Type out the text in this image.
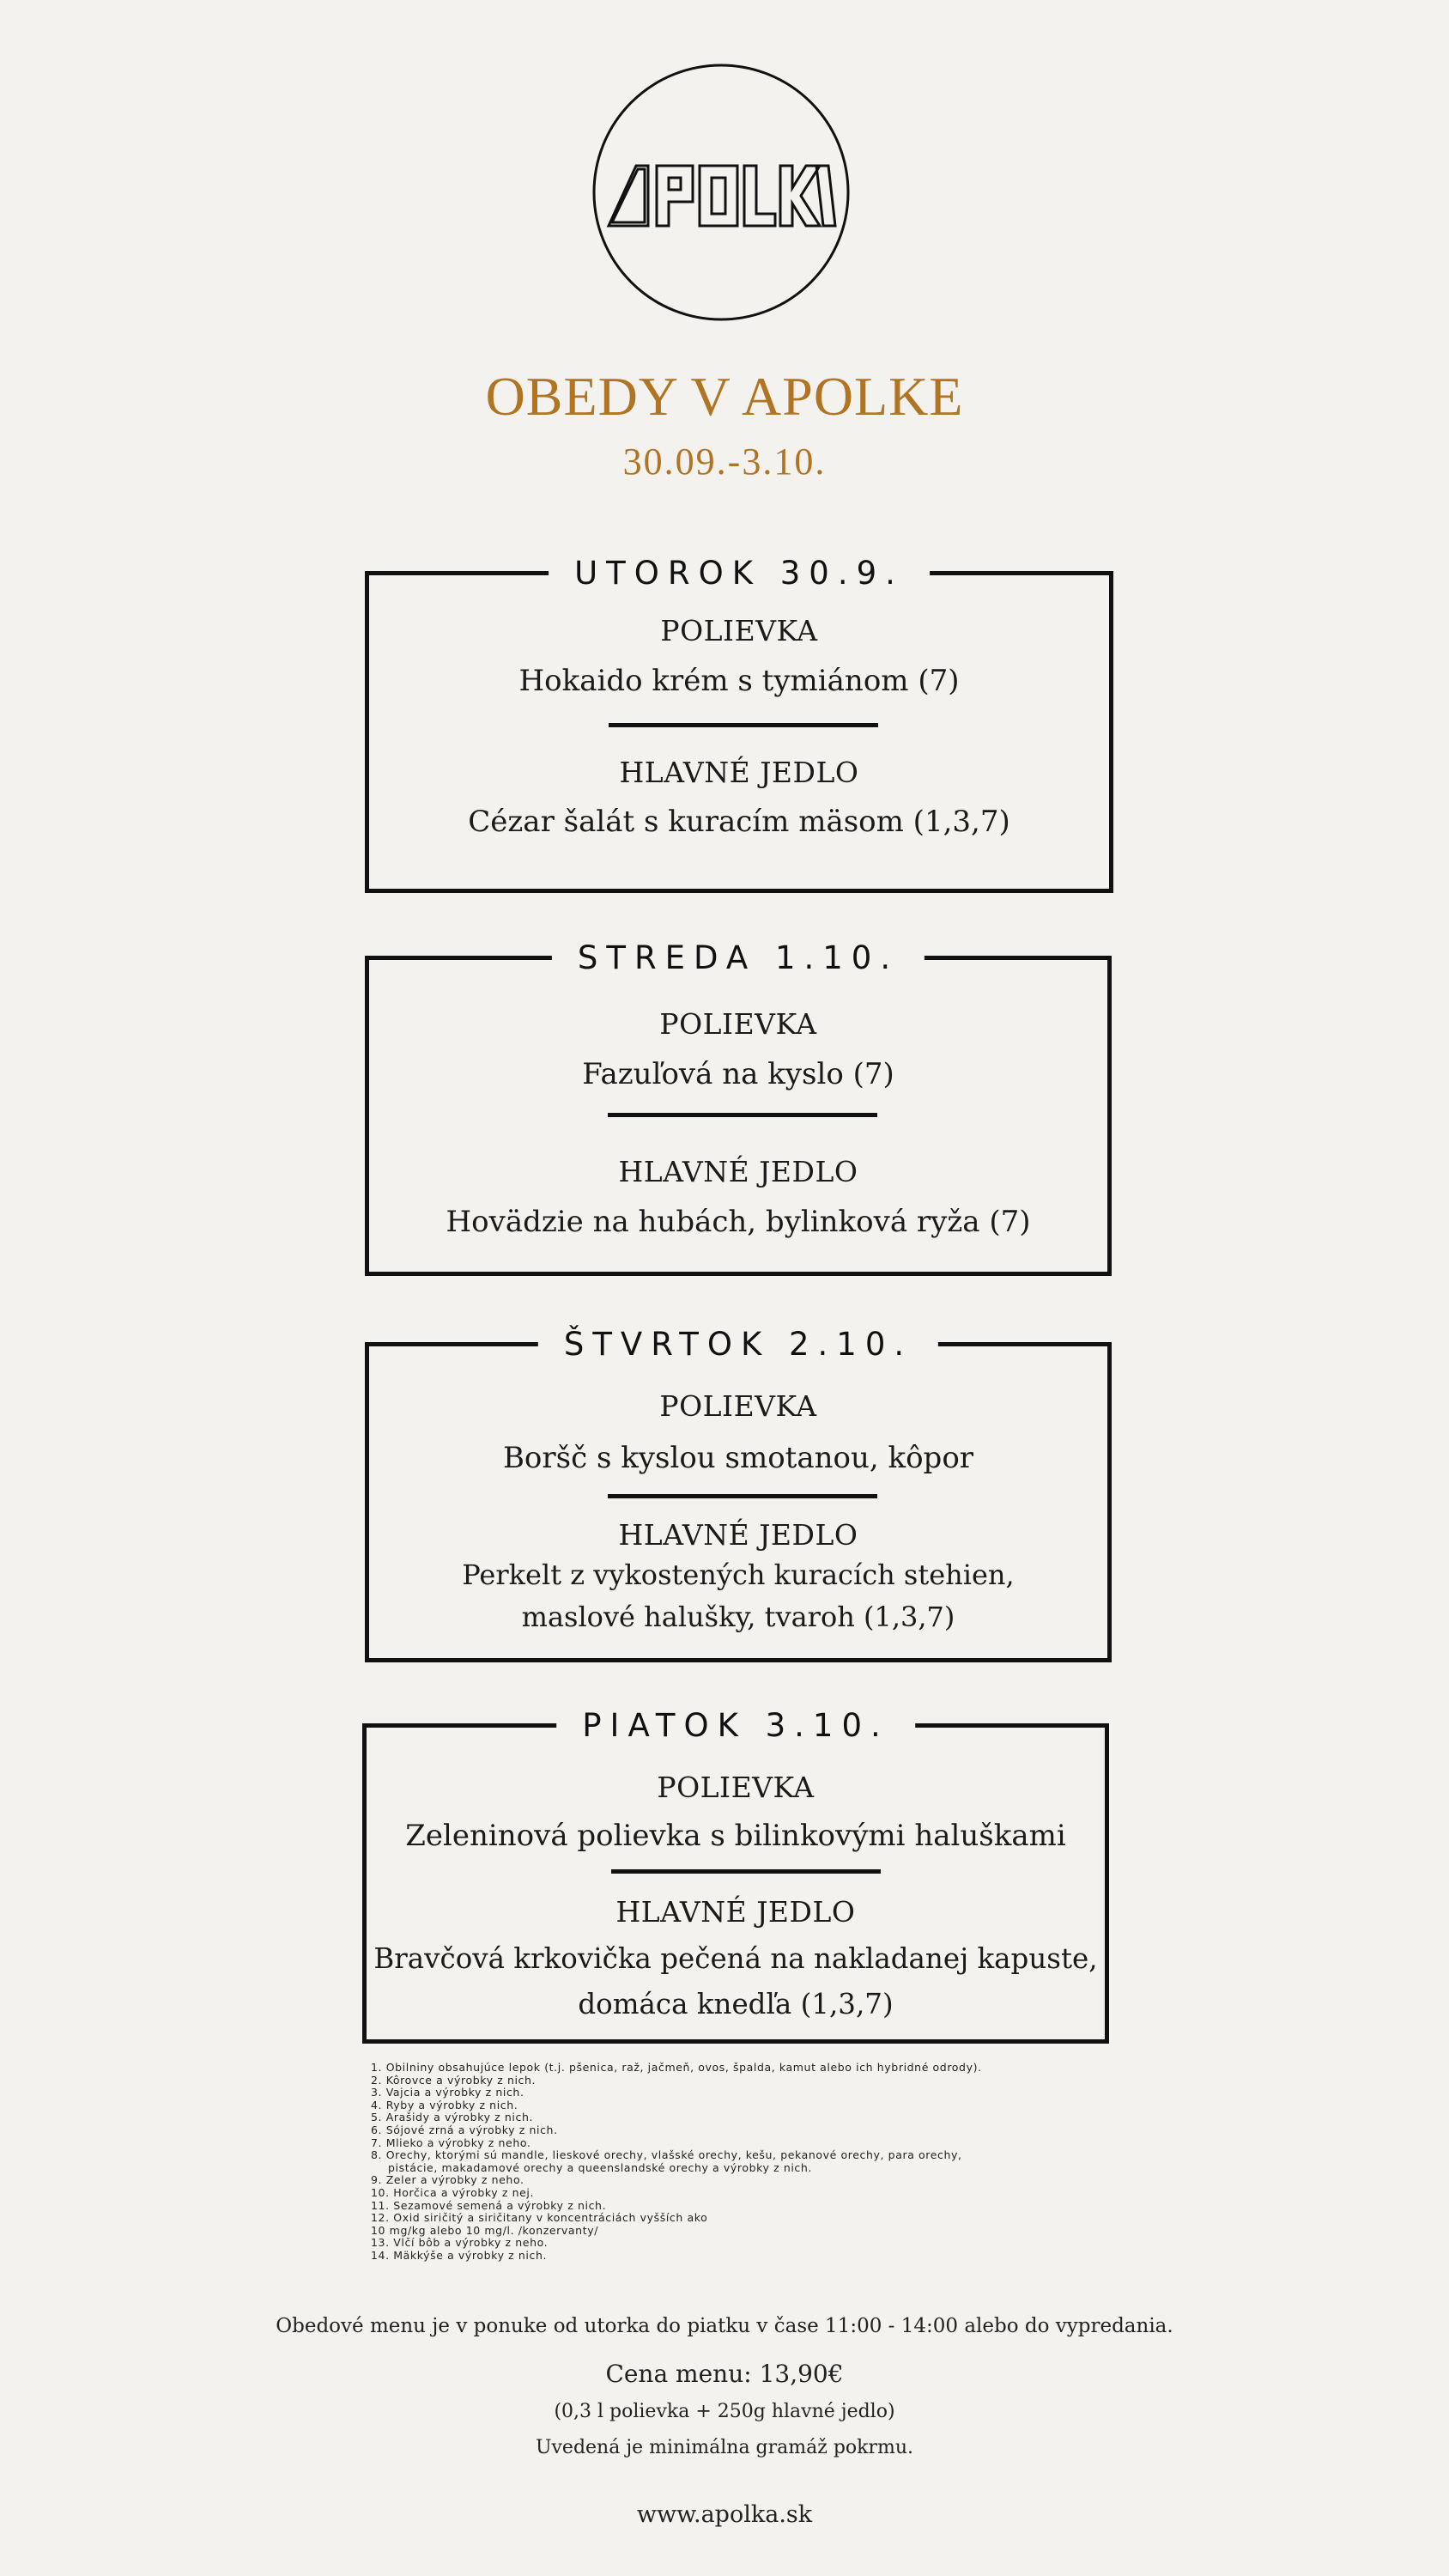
OBEDY V APOLKE
30.09.-3.10.
UTOROK 30.9.
POLIEVKA
Hokaido krém s tymiánom (7)
HLAVNÉ JEDLO
Cézar šalát s kuracím mäsom (1,3,7)
STREDA 1.10.
POLIEVKA
Fazuľová na kyslo (7)
HLAVNÉ JEDLO
Hovädzie na hubách, bylinková ryža (7)
ŠTVRTOK 2.10.
POLIEVKA
Boršč s kyslou smotanou, kôpor
HLAVNÉ JEDLO
Perkelt z vykostených kuracích stehien,
maslové halušky, tvaroh (1,3,7)
PIATOK 3.10.
POLIEVKA
Zeleninová polievka s bilinkovými haluškami
HLAVNÉ JEDLO
Bravčová krkovička pečená na nakladanej kapuste,
domáca knedľa (1,3,7)
1. Obilniny obsahujúce lepok (t.j. pšenica, raž, jačmeň, ovos, špalda, kamut alebo ich hybridné odrody).
2. Kôrovce a výrobky z nich.
3. Vajcia a výrobky z nich.
4. Ryby a výrobky z nich.
5. Arašidy a výrobky z nich.
6. Sójové zrná a výrobky z nich.
7. Mlieko a výrobky z neho.
8. Orechy, ktorými sú mandle, lieskové orechy, vlašské orechy, kešu, pekanové orechy, para orechy,
pistácie, makadamové orechy a queenslandské orechy a výrobky z nich.
9. Zeler a výrobky z neho.
10. Horčica a výrobky z nej.
11. Sezamové semená a výrobky z nich.
12. Oxid siričitý a siričitany v koncentráciách vyšších ako
10 mg/kg alebo 10 mg/l. /konzervanty/
13. Vlčí bôb a výrobky z neho.
14. Mäkkýše a výrobky z nich.
Obedové menu je v ponuke od utorka do piatku v čase 11:00 - 14:00 alebo do vypredania.
Cena menu: 13,90€
(0,3 l polievka + 250g hlavné jedlo)
Uvedená je minimálna gramáž pokrmu.
www.apolka.sk
